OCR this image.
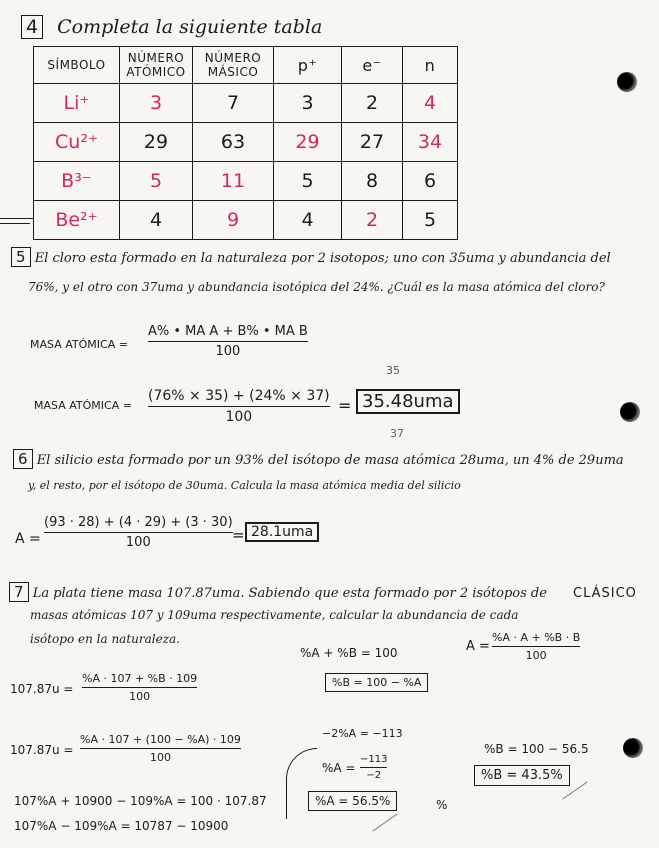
4 Completa la siguiente tabla
SÍMBOLO	NÚMERO ATÓMICO	NÚMERO MÁSICO	p⁺	e⁻	n
Li⁺	3	7	3	2	4
Cu²⁺	29	63	29	27	34
B³⁻	5	11	5	8	6
Be²⁺	4	9	4	2	5
5 El cloro esta formado en la naturaleza por 2 isotopos; uno con 35uma y abundancia del
76%, y el otro con 37uma y abundancia isotópica del 24%. ¿Cuál es la masa atómica del cloro?
MASA ATÓMICA =
A% • MA A + B% • MA B
100
35
MASA ATÓMICA =
(76% × 35) + (24% × 37)
100
= 35.48uma
37
6 El silicio esta formado por un 93% del isótopo de masa atómica 28uma, un 4% de 29uma
y, el resto, por el isótopo de 30uma. Calcula la masa atómica media del silicio
A =
(93 · 28) + (4 · 29) + (3 · 30)
100	= 28.1uma
7 La plata tiene masa 107.87uma. Sabiendo que esta formado por 2 isótopos de CLÁSICO
masas atómicas 107 y 109uma respectivamente, calcular la abundancia de cada
isótopo en la naturaleza.
%A + %B = 100
%B = 100 − %A
A =
%A · A + %B · B
100
107.87u =
%A · 107 + %B · 109
100
107.87u =
%A · 107 + (100 − %A) · 109
100
107%A + 10900 − 109%A = 100 · 107.87
107%A − 109%A = 10787 − 10900
−2%A = −113
%A =
−113
−2
%A = 56.5%	%
%B = 100 − 56.5
%B = 43.5%
